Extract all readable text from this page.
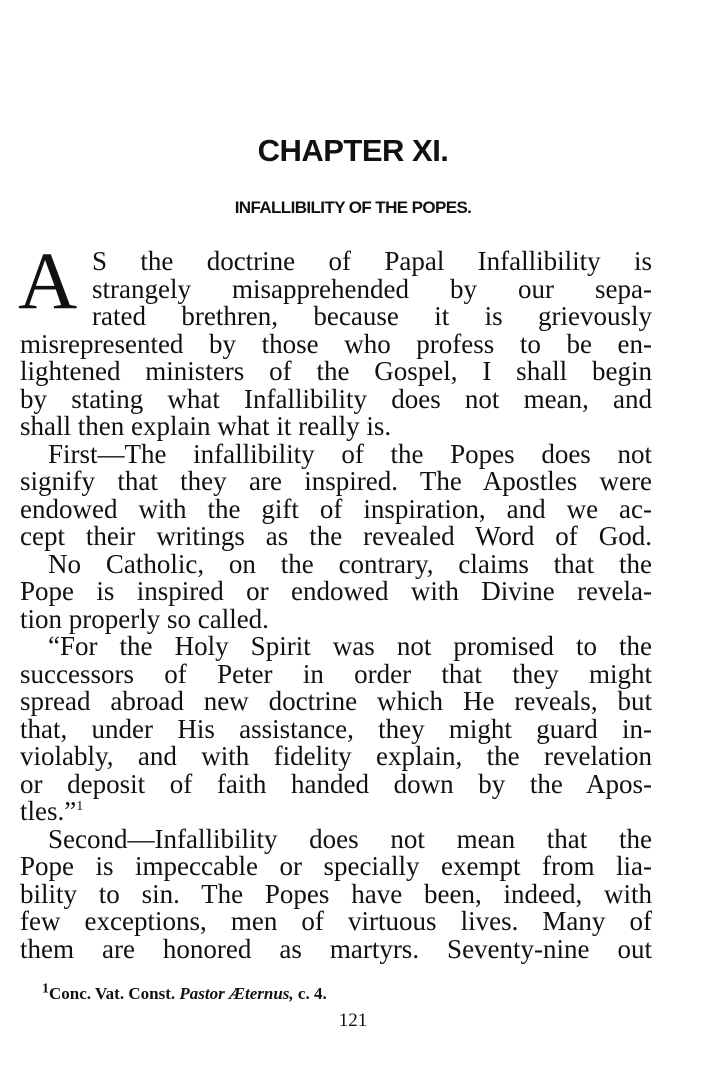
CHAPTER XI.
INFALLIBILITY OF THE POPES.
A S the doctrine of Papal Infallibility is
strangely misapprehended by our sepa-
rated brethren, because it is grievously
misrepresented by those who profess to be en-
lightened ministers of the Gospel, I shall begin
by stating what Infallibility does not mean, and
shall then explain what it really is.
First—The infallibility of the Popes does not
signify that they are inspired. The Apostles were
endowed with the gift of inspiration, and we ac-
cept their writings as the revealed Word of God.
No Catholic, on the contrary, claims that the
Pope is inspired or endowed with Divine revela-
tion properly so called.
“For the Holy Spirit was not promised to the
successors of Peter in order that they might
spread abroad new doctrine which He reveals, but
that, under His assistance, they might guard in-
violably, and with fidelity explain, the revelation
or deposit of faith handed down by the Apos-
tles.”$^1$
Second—Infallibility does not mean that the
Pope is impeccable or specially exempt from lia-
bility to sin. The Popes have been, indeed, with
few exceptions, men of virtuous lives. Many of
them are honored as martyrs. Seventy-nine out
$^1$Conc. Vat. Const. Pastor Æternus, c. 4.
121
